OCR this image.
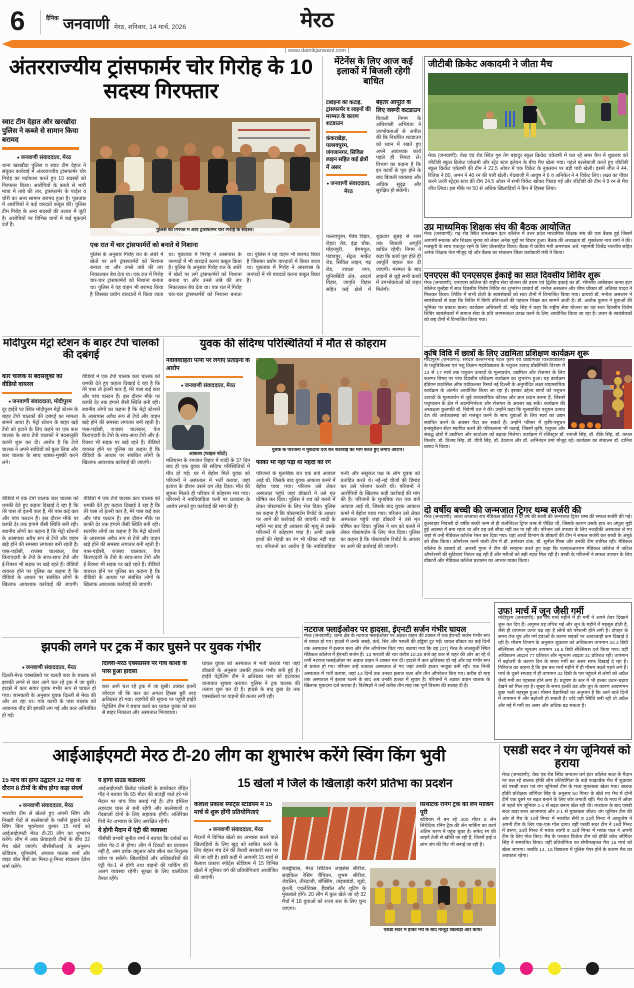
6	$^{दैनिक}$ जनवाणी मेरठ, शनिवार, 14 मार्च, 2026	मेरठ
| www.dainikjanwani.com |
अंतरराज्यीय ट्रांसफार्मर चोर गिरोह के 10 सदस्य गिरफ्तार
स्वाट टीम देहात और खरखौदा पुलिस ने कब्जे से सामान किया बरामद
● जनवाणी संवाददाता, मेरठ
थाना खरखौदा पुलिस व स्वाट टीम देहात ने संयुक्त कार्रवाई में अंतरराज्यीय ट्रांसफार्मर चोर गिरोह का पर्दाफाश करते हुए 10 सदस्यों को गिरफ्तार किया। आरोपियों के कब्जे से भारी मात्रा में तांबे की तार, ट्रांसफार्मर के पार्ट्स व चोरी का अन्य सामान बरामद हुआ है। पूछताछ में आरोपियों ने कई वारदातें कबूल कीं। पुलिस टीम गिरोह के अन्य सदस्यों की तलाश में जुटी है। आरोपियों पर विभिन्न थानों में कई मुकदमे दर्ज हैं।
पुलिस की गिरफ्त में आए ट्रांसफार्मर चोर गिरोह के सदस्य।
एक रात में चार ट्रांसफार्मरों को बनाते थे निशाना
पुलिस के अनुसार गिरोह रात के अंधेरे में खेतों पर लगे ट्रांसफार्मरों को निशाना बनाता था और उनसे तांबे की तार निकालकर बेच देता था। एक रात में गिरोह चार-चार ट्रांसफार्मरों को निशाना बनाता था। पुलिस ने वह वाहन भी बरामद किया है जिसका प्रयोग वारदातों में किया जाता था। पूछताछ में गिरोह ने आसपास के जनपदों में भी वारदातें करना कबूल किया है। पुलिस के अनुसार गिरोह रात के अंधेरे में खेतों पर लगे ट्रांसफार्मरों को निशाना बनाता था और उनसे तांबे की तार निकालकर बेच देता था। एक रात में गिरोह चार-चार ट्रांसफार्मरों को निशाना बनाता था। पुलिस ने वह वाहन भी बरामद किया है जिसका प्रयोग वारदातों में किया जाता था। पूछताछ में गिरोह ने आसपास के जनपदों में भी वारदातें करना कबूल किया है।
मेंटेनेंस के लिए आज कई इलाकों में बिजली रहेगी बाधित
टर्बाइनों की कटाई, ट्रांसफार्मर व लाइनों की मरम्मत के कारण शटडाउन
कंकरखेड़ा, पल्लवपुरम, जंगजानगर, सिविल लाइन सहित कई क्षेत्रों में असर
● जनवाणी संवाददाता, मेरठ
बेहतर आपूर्ति के लिए जरूरी कटडाउन
बिजली निगम के अधिशासी अभियंता ने उपभोक्ताओं से अपील की कि निर्धारित शटडाउन को ध्यान में रखते हुए अपने आवश्यक कार्य पहले ही निपटा लें। विभाग का कहना है कि इन कार्यों के पूरा होने के बाद बिजली व्यवस्था और अधिक सुदृढ़ और सुरक्षित हो सकेगी।
पल्लवपुरम, मैत्रेय विहार, रोहटा रोड, इंद्रा चौक, मोहनपुरी, बेगमपुल, पंडावपुर, सेंट्रल मार्केट रोड, सिविल लाइन, गढ़ रोड, ज्वाला नगर, यूनिवर्सिटी क्षेत्र, आदर्श विहार, जागृति विहार सहित कई क्षेत्रों में शुक्रवार सुबह से शाम तक बिजली आपूर्ति बाधित रहेगी। निगम ने कहा कि कार्य पूरा होते ही आपूर्ति बहाल कर दी जाएगी। मरम्मत के बाद लाइनों से जुड़े सभी कार्यों में उपभोक्ताओं को राहत मिलेगी।
जीटीबी क्रिकेट अकादमी ने जीता मैच
मेरठ (जनवाणी): वेस्ट एंड रोड स्थित गुरु तेग बहादुर स्कूल क्रिकेट एकेडमी में चल रहे समर कैंप में शुक्रवार को जीटीबी स्कूल क्रिकेट एकेडमी और स्ट्रेट स्टार इलेवन के बीच मैच खेला गया। पहले बल्लेबाजी करते हुए जीटीबी स्कूल क्रिकेट एकेडमी की टीम ने 22.5 ओवर में एक विकेट के नुकसान पर बड़ी पारी खेली। इसमें जीत ने 44, रितिक ने 80, अमन ने 40 रन की पारी खेली। गेंदबाजी में आयुष ने 6 व अनिकेत ने 4 विकेट लिए। लक्ष्य का पीछा करने उतरी स्ट्रेट्स स्टार की टीम 24.5 ओवर में सभी विकेट खोकर पिछड़ गई और जीटीबी की टीम ने 9 रन से मैच जीत लिया। इस मौके पर 50 से अधिक खिलाड़ियों ने कैंप में हिस्सा लिया।
उप्र माध्यमिक शिक्षक संघ की बैठक आयोजित
मेरठ (जनवाणी): गढ़ रोड स्थित रामलखन इंटर कॉलेज में उत्तर प्रदेश माध्यमिक शिक्षक संघ की एक बैठक हुई जिसमें आगामी स्नातक और शिक्षक चुनाव को लेकर अनेक मुद्दों पर विचार हुआ। बैठक की अध्यक्षता डॉ. मुक्तेश्वर नाथ शर्मा ने की। मजबूती के साथ एकजुट रहने के लिए प्रोत्साहित किया। बैठक में प्रांतीय मंत्री अमरपाल अत्रे, महामंत्री विजेंद्र भारतीय सहित अनेक शिक्षक नेता मौजूद रहे और बैठक का संचालन जिला कार्यकारी मंत्री ने किया।
एनएएस की एनएसएस ईकाई का सात दिवसीय शिविर शुरू
मेरठ (जनवाणी): एनएएस कॉलेज की राष्ट्रीय सेवा योजना की प्रथम एवं द्वितीय इकाई का डॉ. भीमराव आंबेडकर कन्या इंटर कॉलेज मुल्हेड़ा में सात दिवसीय विशेष शिविर का शुभारंभ प्राचार्य डॉ. मनोज असलान और चीफ प्रॉक्टर डॉ. लतिका यादव ने मिलकर किया। शिविर में सभी टोली के स्वयंसेवकों को सात टीमों में विभाजित किया गया। प्राचार्य डॉ. मनोज असलान ने स्वयंसेवकों से कहा कि शिविर में छिपी प्रतिभाओं की पहचान निखर कर सामने आती है। डॉ. अशोक कुमार ने युवाओं की भूमिका पर प्रकाश डाला। कार्यक्रम अधिकारी डॉ. महेंद्र सिंह ने कहा कि राष्ट्रीय सेवा योजना का यह सात दिवसीय विशेष शिविर स्वयंसेवकों में समाज सेवा के प्रति जागरूकता उत्पन्न करने के लिए आयोजित किया जा रहा है। प्रथम के स्वयंसेवकों को छह टीमों में विभाजित किया गया।
कृषि विवि में छात्रों के लिए उद्यमिता प्रशिक्षण कार्यक्रम शुरू
मोदीपुरम (जनवाणी): सरदार वल्लभभाई पटेल कृषि एवं प्रौद्योगिकी विश्वविद्यालय के पशुचिकित्सा एवं पशु विज्ञान महाविद्यालय के पशुधन उत्पाद प्रौद्योगिकी विभाग में 13 से 17 मार्च तक पशुधन उत्पादों के मूल्यवर्धन, उद्यमिता और रोजगार के लिए कारगर विषय पर पांच दिवसीय प्रशिक्षण कार्यक्रम का शुभारंभ हुआ। यह कार्यक्रम इंडियन काउंसिल ऑफ एग्रीकल्चर रिसर्च नई दिल्ली के अनुमोदित लक्ष्य व्यावसायिक कार्यक्रम के अंतर्गत आयोजित किया जा रहा है। इसका उद्देश्य छात्रों को पशुधन उत्पादों के मूल्यवर्धन से जुड़े व्यावसायिक कौशल और ज्ञान प्रदान करना है, जिससे पशुपालन के क्षेत्र में आत्मनिर्भरता और रोजगार के अवसर बढ़ सकें। कार्यक्रम की अध्यक्षता कुलपति डॉ. त्रिवेणी दत्त ने की। उन्होंने कहा कि मूल्यवर्धित पशुधन उत्पाद देश की अर्थव्यवस्था को मजबूत करने के साथ युवाओं के लिए स्वयं का उद्यम स्थापित करने के अवसर पैदा कर सकते हैं। उन्होंने परिसर में कृषि-पशुधन इन्क्यूबेशन सेंटर स्थापित करने की परिकल्पना भी जताई, जिसमें कृषि, पशुधन और संबद्ध क्षेत्रों में उद्यमिता और स्टार्टअप को बढ़ावा मिलेगा। कार्यक्रम में रजिस्ट्रार डॉ. रामजी सिंह, डॉ. वीके सिंह, डॉ. कमल किशोर, डॉ. विजय सिंह, डॉ. वीपी सिंह, डॉ. देवराज और डॉ. अभिनंदन वर्मा मौजूद रहे। कार्यक्रम का संचालन डॉ. दानिश प्रसाद ने किया।
दो वर्षीय बच्ची की जन्मजात ट्रिगर थम्ब सर्जरी की
मेरठ (जनवाणी): लाला लाजपत राय मेडिकल कॉलेज में दो वर्ष की बच्ची की जन्मजात ट्रिगर थम्ब की सफल सर्जरी की गई। कुलवाहर निवासी दो वर्षीय बच्ची जन्म से ही कंजेनिटल ट्रिगर थम्ब से पीड़ित थी, जिसके कारण उसके हाथ का अंगूठा मुड़ी हुई अवस्था में बना रहता था और वह उसे सीधा नहीं कर पा रही थी। परिजन उसे उपचार के लिए नजदीकी अस्पताल ले गए जहां से उन्हें मेडिकल कॉलेज रेफर कर दिया गया। यहां आर्थो विभाग के डॉक्टरों की टीम ने सफल सर्जरी कर बच्ची के अंगूठे को ठीक किया। ऑपरेशन करने वाली टीम में डॉ. ज्ञानेश्वर टांक, डॉ. सुनील मिश्रा और उनकी टीम शामिल रही। मेडिकल कॉलेज के प्राचार्य डॉ. आरसी गुप्ता ने टीम की सराहना करते हुए कहा कि एलएलआरएम मेडिकल कॉलेज में जटिल ऑपरेशनों की सुविधाएं निरंतर बढ़ रही हैं और मरीजों को बड़ी राहत मिल रही है। बच्ची के परिजनों ने सफल उपचार के लिए डॉक्टरों और मेडिकल कॉलेज प्रशासन का आभार व्यक्त किया।
मोदीपुरम मेट्रो स्टेशन के बाहर टेंपो चालकों की दबंगई
कार चालक से बदसलूकी का वीडियो वायरल
● जनवाणी संवाददाता, मोदीपुरम
दूर हाईवे पर स्थित मोदीपुरम मेट्रो स्टेशन के बाहर टेंपो चालकों की दबंगई का मामला सामने आया है। मेट्रो स्टेशन के बाहर खड़े टेंपो को हटाने के लिए कहने पर एक कार चालक के साथ टेंपो चालकों ने बदसलूकी करनी शुरू कर दी। आरोप है कि टेंपो चालक ने अपने साथियों को बुला लिया और कार चालक के साथ धक्का-मुक्की करने लगे।
वीडियो में एक टेंपो चालक कार चालक को धमकी देते हुए कहता दिखाई दे रहा है कि तेरे पास तो इतनी कार हैं, मेरे पास कई कार और पांच पलटन हैं। इस दौरान मौके पर काफी देर तक हंगामे जैसी स्थिति बनी रही। स्थानीय लोगों का कहना है कि मेट्रो स्टेशनों के आसपास अवैध रूप से टेंपो और वाहन खड़े होने की समस्या लगातार बनी रहती है। पास-पड़ोसी, राजस्व चालकार, वेज किराएदारी के टेंपो के साथ-साथ टेंपो और ई-रिक्शा भी सड़क पर खड़े रहते हैं। वीडियो वायरल होने पर पुलिस का कहना है कि वीडियो के आधार पर संबंधित लोगों के खिलाफ आवश्यक कार्रवाई की जाएगी।
वीडियो में एक टेंपो चालक कार चालक को धमकी देते हुए कहता दिखाई दे रहा है कि तेरे पास तो इतनी कार हैं, मेरे पास कई कार और पांच पलटन हैं। इस दौरान मौके पर काफी देर तक हंगामे जैसी स्थिति बनी रही। स्थानीय लोगों का कहना है कि मेट्रो स्टेशनों के आसपास अवैध रूप से टेंपो और वाहन खड़े होने की समस्या लगातार बनी रहती है। पास-पड़ोसी, राजस्व चालकार, वेज किराएदारी के टेंपो के साथ-साथ टेंपो और ई-रिक्शा भी सड़क पर खड़े रहते हैं। वीडियो वायरल होने पर पुलिस का कहना है कि वीडियो के आधार पर संबंधित लोगों के खिलाफ आवश्यक कार्रवाई की जाएगी। वीडियो में एक टेंपो चालक कार चालक को धमकी देते हुए कहता दिखाई दे रहा है कि तेरे पास तो इतनी कार हैं, मेरे पास कई कार और पांच पलटन हैं। इस दौरान मौके पर काफी देर तक हंगामे जैसी स्थिति बनी रही। स्थानीय लोगों का कहना है कि मेट्रो स्टेशनों के आसपास अवैध रूप से टेंपो और वाहन खड़े होने की समस्या लगातार बनी रहती है। पास-पड़ोसी, राजस्व चालकार, वेज किराएदारी के टेंपो के साथ-साथ टेंपो और ई-रिक्शा भी सड़क पर खड़े रहते हैं। वीडियो वायरल होने पर पुलिस का कहना है कि वीडियो के आधार पर संबंधित लोगों के खिलाफ आवश्यक कार्रवाई की जाएगी।
युवक की संदिग्ध परिस्थितियों में मौत से कोहराम
नवविवाहिता पत्नी पर लगाए प्रताड़ना के आरोप
● जनवाणी संवाददाता, मेरठ
आकाश (फाइल फोटो)
मलियाना के रमजान विहार में शादी के 37 दिन बाद ही एक युवक की संदिग्ध परिस्थितियों में मौत हो गई। घर में बेहोश मिले युवक को परिजनों ने अस्पताल में भर्ती कराया, जहां इलाज के दौरान उसने दम तोड़ दिया। मौत की सूचना मिलते ही परिवार में कोहराम मच गया। परिजनों ने नवविवाहिता पत्नी पर प्रताड़ना के आरोप लगाते हुए कार्रवाई की मांग की है।
युवक के परिजनों ने मुकदमा दर्ज कर कार्रवाई की मांग करते हुए लगाए आरोप।
फीका भी नहीं पड़ा था मेहंदी का रंग
परिजनों के मुताबिक रात एक बजे आवाज आई थी, जिसके बाद युवक आकाश कमरे में बेहोश पाया गया। परिजन उसे लेकर अस्पताल पहुंचे जहां डॉक्टरों ने उसे मृत घोषित कर दिया। पुलिस ने शव को कब्जे में लेकर पोस्टमार्टम के लिए भेज दिया। पुलिस का कहना है कि पोस्टमार्टम रिपोर्ट के आधार पर आगे की कार्रवाई की जाएगी। शादी के महीने भर बाद ही आकाश की मृत्यु से उसके परिजनों में कोहराम मचा है। अभी उसके हाथों की मेहंदी का रंग भी फीका नहीं पड़ा था। परिजनों का आरोप है कि नवविवाहिता पत्नी और ससुराल पक्ष के लोग युवक को प्रताड़ित करते थे। नई-नई चीजों की डिमांड कर उसे परेशान करती थी। परिजनों ने आरोपियों के खिलाफ कड़ी कार्रवाई की मांग की है। परिजनों के मुताबिक रात एक बजे आवाज आई थी, जिसके बाद युवक आकाश कमरे में बेहोश पाया गया। परिजन उसे लेकर अस्पताल पहुंचे जहां डॉक्टरों ने उसे मृत घोषित कर दिया। पुलिस ने शव को कब्जे में लेकर पोस्टमार्टम के लिए भेज दिया। पुलिस का कहना है कि पोस्टमार्टम रिपोर्ट के आधार पर आगे की कार्रवाई की जाएगी।
झपकी लगने पर ट्रक में कार घुसने पर युवक गंभीर
● जनवाणी संवाददाता, मेरठ
दिल्ली-मेरठ एक्सप्रेसवे पर चलती कार के चालक को झपकी लगने से कार आगे चल रहे ट्रक में जा घुसी। हादसे में कार सवार युवक गंभीर रूप से घायल हो गया। जानकारी के अनुसार युवक दिल्ली से मेरठ की ओर आ रहा था। गांव काशी के पास चालक को अचानक नींद की झपकी लग गई और कार अनियंत्रित हो गई।
दिल्ली-मेरठ एक्सप्रेसवे पर गांव काशी के पास हुआ हादसा
कार आगे चल रहे ट्रक में जा घुसी। टक्कर इतनी जोरदार थी कि कार का अगला हिस्सा बुरी तरह क्षतिग्रस्त हो गया। राहगीरों की सूचना पर पहुंची हाईवे पेट्रोलिंग टीम ने बचाव कार्य कर घायल युवक को कार से बाहर निकाला और अस्पताल भिजवाया।
घायल युवक को अस्पताल में भर्ती कराया गया जहां डॉक्टरों के अनुसार उसकी हालत गंभीर बनी हुई है। हाईवे पेट्रोलिंग टीम ने क्षतिग्रस्त कार को हटवाकर यातायात सुचारु कराया। पुलिस ने ट्रक चालक की तलाश शुरू कर दी है। हादसे के बाद कुछ देर तक एक्सप्रेसवे पर वाहनों की कतार लगी रही।
नटराज फ्लाईओवर पर हादसा, ईएनटी सर्जन गंभीर घायल
मेरठ (जनवाणी): थाना क्षेत्र के नटराज फ्लाईओवर पर अज्ञात वाहन की टक्कर में एक ईएनटी सर्जन गंभीर रूप से घायल हो गए। हादसे में उनके जबड़े, कंधे, सिर और पसली की हड्डियां टूट गईं। घायल डॉक्टर का कई दिनों तक अस्पताल में इलाज चला और तीन ऑपरेशन किए गए। बताया गया कि वह (37) मेरठ के लालकुर्ती स्थित मेडिकल कॉलेज में ईएनटी सर्जन हैं। 13 फरवरी की रात करीब 10.30 बजे वह कार से शहर की ओर आ रहे थे तभी नटराज फ्लाईओवर पर अज्ञात वाहन ने टक्कर मार दी। हादसे में कार क्षतिग्रस्त हो गई और वह गंभीर रूप से घायल हो गए। परिजन उन्हें तत्काल अस्पताल ले गए जहां उनकी हालत नाजुक बनी रही। एक निजी अस्पताल में भर्ती कराया, जहां 14 दिनों तक उनका इलाज चला और तीन ऑपरेशन किए गए। करीब दो माह तक अस्पताल में इलाज चलने के बाद अब उनकी हालत में सुधार है। परिजनों ने अज्ञात वाहन चालक के खिलाफ मुकदमा दर्ज कराया है। विशेषज्ञों ने उन्हें करीब तीन माह तक पूर्ण विश्राम की सलाह दी है।
उफ! मार्च में जून जैसी गर्मी
मोदीपुरम (जनवाणी): इस वर्ष मार्च महीने में ही गर्मी ने अपने तेवर दिखाने शुरू कर दिए हैं। अमूमन यह तपिश मई और जून के महीने में महसूस होती है, जैसे ही तापमान ऊपर चढ़ रहा है लोगों को परेशानी होने लगी है। दोपहर के समय तेज धूप और गर्म हवाओं के कारण सड़कों पर आवाजाही कम दिखाई दे रही है। मौसम विभाग के अनुसार शुक्रवार को अधिकतम तापमान 32.2 डिग्री सेल्सियस और न्यूनतम तापमान 19.5 डिग्री सेल्सियस दर्ज किया गया। वहीं अधिकतम आद्रता 77 प्रतिशत और न्यूनतम आद्रता 31 प्रतिशत रही। तापमान में बढ़ोतरी के कारण दिन के समय गर्मी का असर साफ दिखाई दे रहा है। गिरिराज का कहना है कि इस बार मार्च महीने में ही मौसम बदले पड़ने लगे हैं। मार्च के दूसरे सप्ताह में ही तापमान 32 डिग्री के पार पहुंचने से लोगों को अप्रैल जैसी गर्मी का एहसास होने लगा है। प्रदूषण के स्तर में भी हल्का उतार-चढ़ाव देखने को मिल रहा है। सुबह के समय हल्की ठंड और धूप के कारण आवागमन कुछ भली महसूस हुआ। मौसम वैज्ञानिकों का अनुमान है कि आने वाले दिनों में तापमान में और बढ़ोतरी हो सकती है। यदि यही स्थिति बनी रही तो अप्रैल और मई में गर्मी का असर और अधिक बढ़ सकता है।
आईआईएमटी मेरठ टी-20 लीग का शुभारंभ करेंगे स्विंग किंग भुवी	एसडी सदर ने यंग जूनियर्स को हराया
मेरठ (जनवाणी): वेस्ट एंड रोड स्थित सनातन धर्म इंटर कॉलेज सदर के मैदान पर चल रहे बालक हॉकी लीग प्रतियोगिता के कड़े फाइटबैक मैच में शुक्रवार को एसडी सदर एवं यंग जूनियर्स टीम के मध्य मुकाबला खेला गया। बालक हॉकी प्रशिक्षक जोगिंदर सिंह के अनुसार 50 मिनट के खेले गए मैच में दोनों टीमें एक दूसरे पर बढ़त बनाने के लिए जोर लगाती रहीं। मैच के मध्य में ओवर से पहले यंग जूनियर 2-1 से बढ़त बनाए खेल रही थी। मध्यांतर के बाद एसडी सदर कड़ा साथ आजमाया और 3-1 से मुकाबला जीता। यंग जूनियर टीम की ओर से मैच के 10वें मिनट में नवजीत सैनी व 22वें मिनट में आशुतोष ने अपनी टीम के लिए एक-एक गोल दागा। वहीं एसडी सदर टीम ने 16वें मिनट में वरुण, 34वें मिनट में मयंक त्यागी व 42वें मिनट में मयंक पाल ने अपनी टीम के लिए गोल किए। मैच के पश्चात विजेता टीम को हॉकी कोच जोगिंदर सिंह ने सम्मानित किया। वहीं प्रतियोगिता का सेमीफाइनल मैच 16 मार्च को खेला जाएगा। जबकि 14, 15 विद्यालय में पुलिस पेपर होने के कारण मैच का अवकाश रहेगा।
15 मार्च को होगा उद्घाटन 32 मैचों के दौरान 8 टीमों के बीच होगा कड़ा संघर्ष
● जनवाणी संवाददाता, मेरठ
भारतीय टीम से खेलते हुए अपनी स्विंग और निखरी गेंदों से बल्लेबाजों के पसीने छुड़ाने वाले स्विंग किंग भुवनेश्वर कुमार 15 मार्च को आईआईएमटी मेरठ टी-20 लीग का शुभारंभ करेंगे। लीग में आठ फ्रेंचाइजी टीमों के बीच 32 मैच खेले जाएंगे। बीसीसीआई के अनुरूप स्टेडियम, यूनिफॉर्म, अंपायर पालक शर्मा और वाइट बॉल मैचों का मिनट-टू-मिनट संचालन देवेश शर्मा करेंगे।
ये होगी ग्राउंड कंडीशंस
आईआईएमटी क्रिकेट एकेडमी के डायरेक्टर रोहित गौड़ ने बताया कि 65 मीटर की बाउंड्री वाले हरे-भरे मैदान पर पांच पिच बनाई गई हैं। टॉप इंग्लिश लहरदार घास से बनी रहेंगी और बल्लेबाजों व गेंदबाजों दोनों के लिए सहायक होंगी। अतिरिक्त पिचें नेट अभ्यास के लिए आरक्षित रहेंगी।
ये होगी मैदान में एंट्री की व्यवस्था
पीसीबी प्रभारी सुनील शर्मा ने बताया कि दर्शकों का प्रवेश गेट-3 से होगा। लीग में टिकटों का प्रावधान नहीं है, आम दर्शक क्यूआर कोड स्कैन कर निशुल्क प्रवेश पा सकेंगे। खिलाड़ियों और अधिकारियों की एंट्री गेट-1 से होगी तथा वाहनों की पार्किंग की अलग व्यवस्था रहेगी। सुरक्षा के लिए वालंटियर तैनात रहेंगे।
15 खेलों में जिले के खिलाड़ी करेंगे प्रतिभा का प्रदर्शन
कैलाश प्रकाश स्पोर्ट्स स्टेडियम में 15 मार्च से शुरू होंगी प्रतियोगिताएं
● जनवाणी संवाददाता, मेरठ
मैदानों में विभिन्न खेलों का अभ्यास करने वाले खिलाड़ियों के लिए खुद को साबित करने के लिए बेहतर मंच देने की तैयारी सरकारी स्तर पर की जा रही है। इसी कड़ी में आगामी 15 मार्च से कैलाश प्रकाश स्पोर्ट्स स्टेडियम में 15 विभिन्न खेलों में जूनियर वर्ग की प्रतियोगिताएं आयोजित की जाएंगी।
सिंथेटिक रनिंग ट्रैक की लेन मार्किंग पूरी
स्टेडियम में बन रहे 400 मीटर 8 लेन सिंथेटिक रनिंग ट्रैक की लेन मार्किंग का कार्य अंतिम चरण में पहुंच चुका है। सफेद रंग की लाइनें तेजी से खींची जा रही हैं, जिनमें हाई व लांग जंप की पिट भी बनाई जा रही है।
कबड्डीग्रास, मेरठ सिटियन लाइसेंस सीरीज, साइकिल रेसिंग चैंपियन, शुभम सीरीज, जेवलिन, तीरंदाजी, बॉक्सिंग, ताइक्वांडो, जूडो, कुश्ती, एथलेटिक्स, हैंडबॉल और शूटिंग के मुकाबले होंगे। 20 लीग में कुल खेले जा रहे 32 मैचों में 18 युवाओं को राज्य स्तर के लिए चुना जाएगा।
एसडी सदर में हॉकी मैच के बाद मौजूद खिलाड़ी और कोच।
